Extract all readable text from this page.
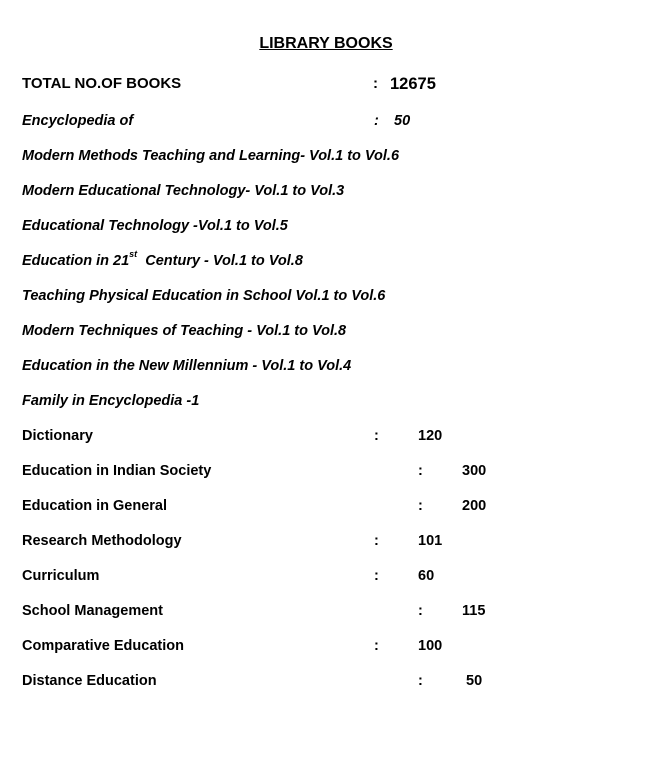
LIBRARY BOOKS
TOTAL NO.OF BOOKS	: 12675
Encyclopedia of	: 50
Modern Methods Teaching and Learning- Vol.1 to Vol.6
Modern Educational Technology- Vol.1 to Vol.3
Educational Technology -Vol.1 to Vol.5
Education in 21st  Century - Vol.1 to Vol.8
Teaching Physical Education in School Vol.1 to Vol.6
Modern Techniques of Teaching - Vol.1 to Vol.8
Education in the New Millennium - Vol.1 to Vol.4
Family in Encyclopedia -1
Dictionary	:	120
Education in Indian Society	:	300
Education in General	:	200
Research Methodology	:	101
Curriculum	:	60
School Management	:	115
Comparative Education	:	100
Distance Education	:	50
